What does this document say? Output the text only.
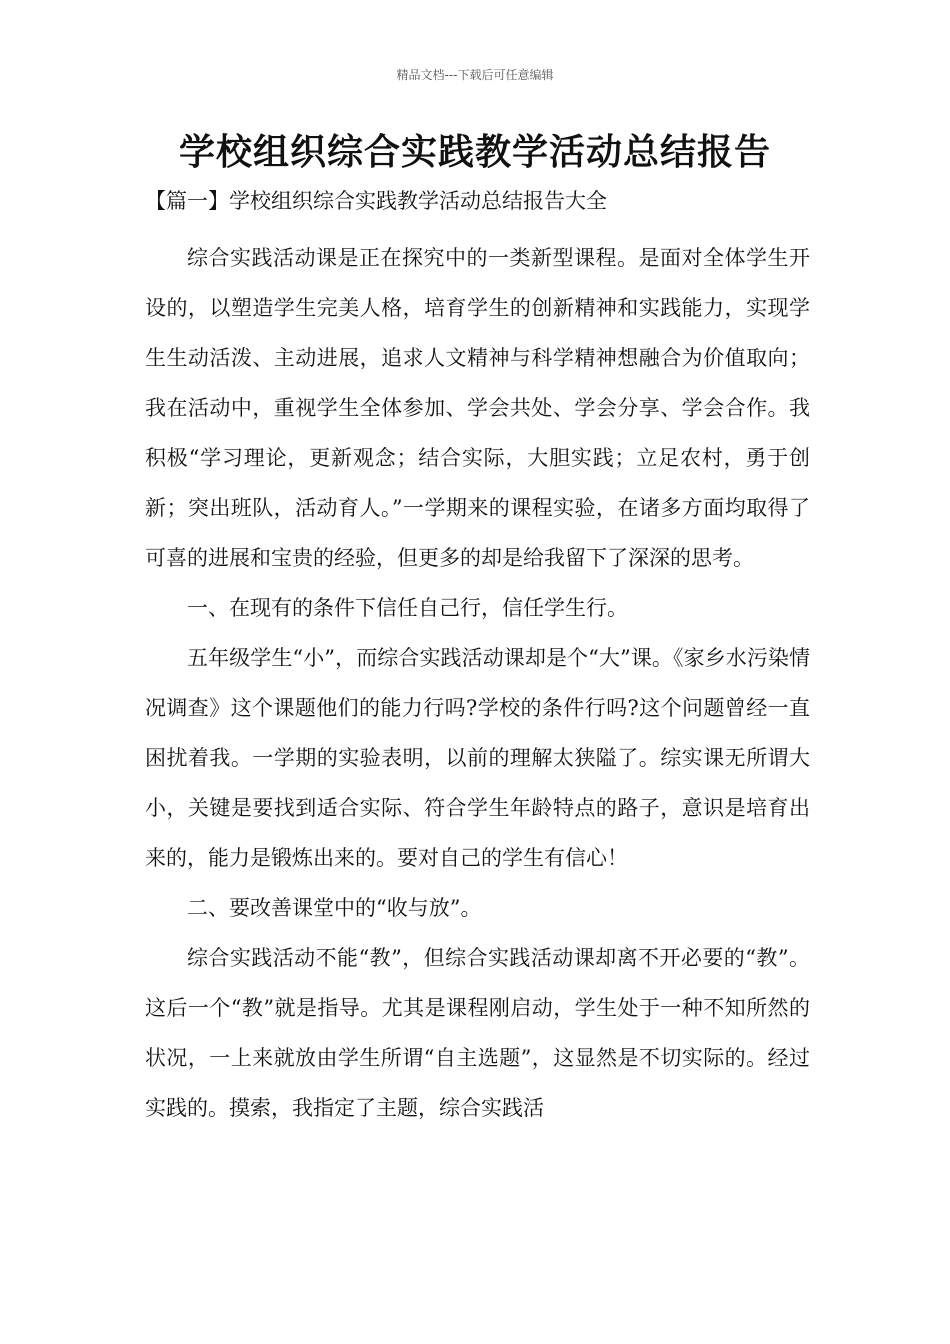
精品文档---下载后可任意编辑
学校组织综合实践教学活动总结报告

【篇一】学校组织综合实践教学活动总结报告大全

综合实践活动课是正在探究中的一类新型课程。是面对全体学生开设的，以塑造学生完美人格，培育学生的创新精神和实践能力，实现学生生动活泼、主动进展，追求人文精神与科学精神想融合为价值取向；我在活动中，重视学生全体参加、学会共处、学会分享、学会合作。我积极“学习理论，更新观念；结合实际，大胆实践；立足农村，勇于创新；突出班队，活动育人。”一学期来的课程实验，在诸多方面均取得了可喜的进展和宝贵的经验，但更多的却是给我留下了深深的思考。

一、在现有的条件下信任自己行，信任学生行。

五年级学生“小”，而综合实践活动课却是个“大”课。《家乡水污染情况调查》这个课题他们的能力行吗?学校的条件行吗?这个问题曾经一直困扰着我。一学期的实验表明，以前的理解太狭隘了。综实课无所谓大小，关键是要找到适合实际、符合学生年龄特点的路子，意识是培育出来的，能力是锻炼出来的。要对自己的学生有信心！

二、要改善课堂中的“收与放”。

综合实践活动不能“教”，但综合实践活动课却离不开必要的“教”。这后一个“教”就是指导。尤其是课程刚启动，学生处于一种不知所然的状况，一上来就放由学生所谓“自主选题”，这显然是不切实际的。经过实践的。摸索，我指定了主题，综合实践活
